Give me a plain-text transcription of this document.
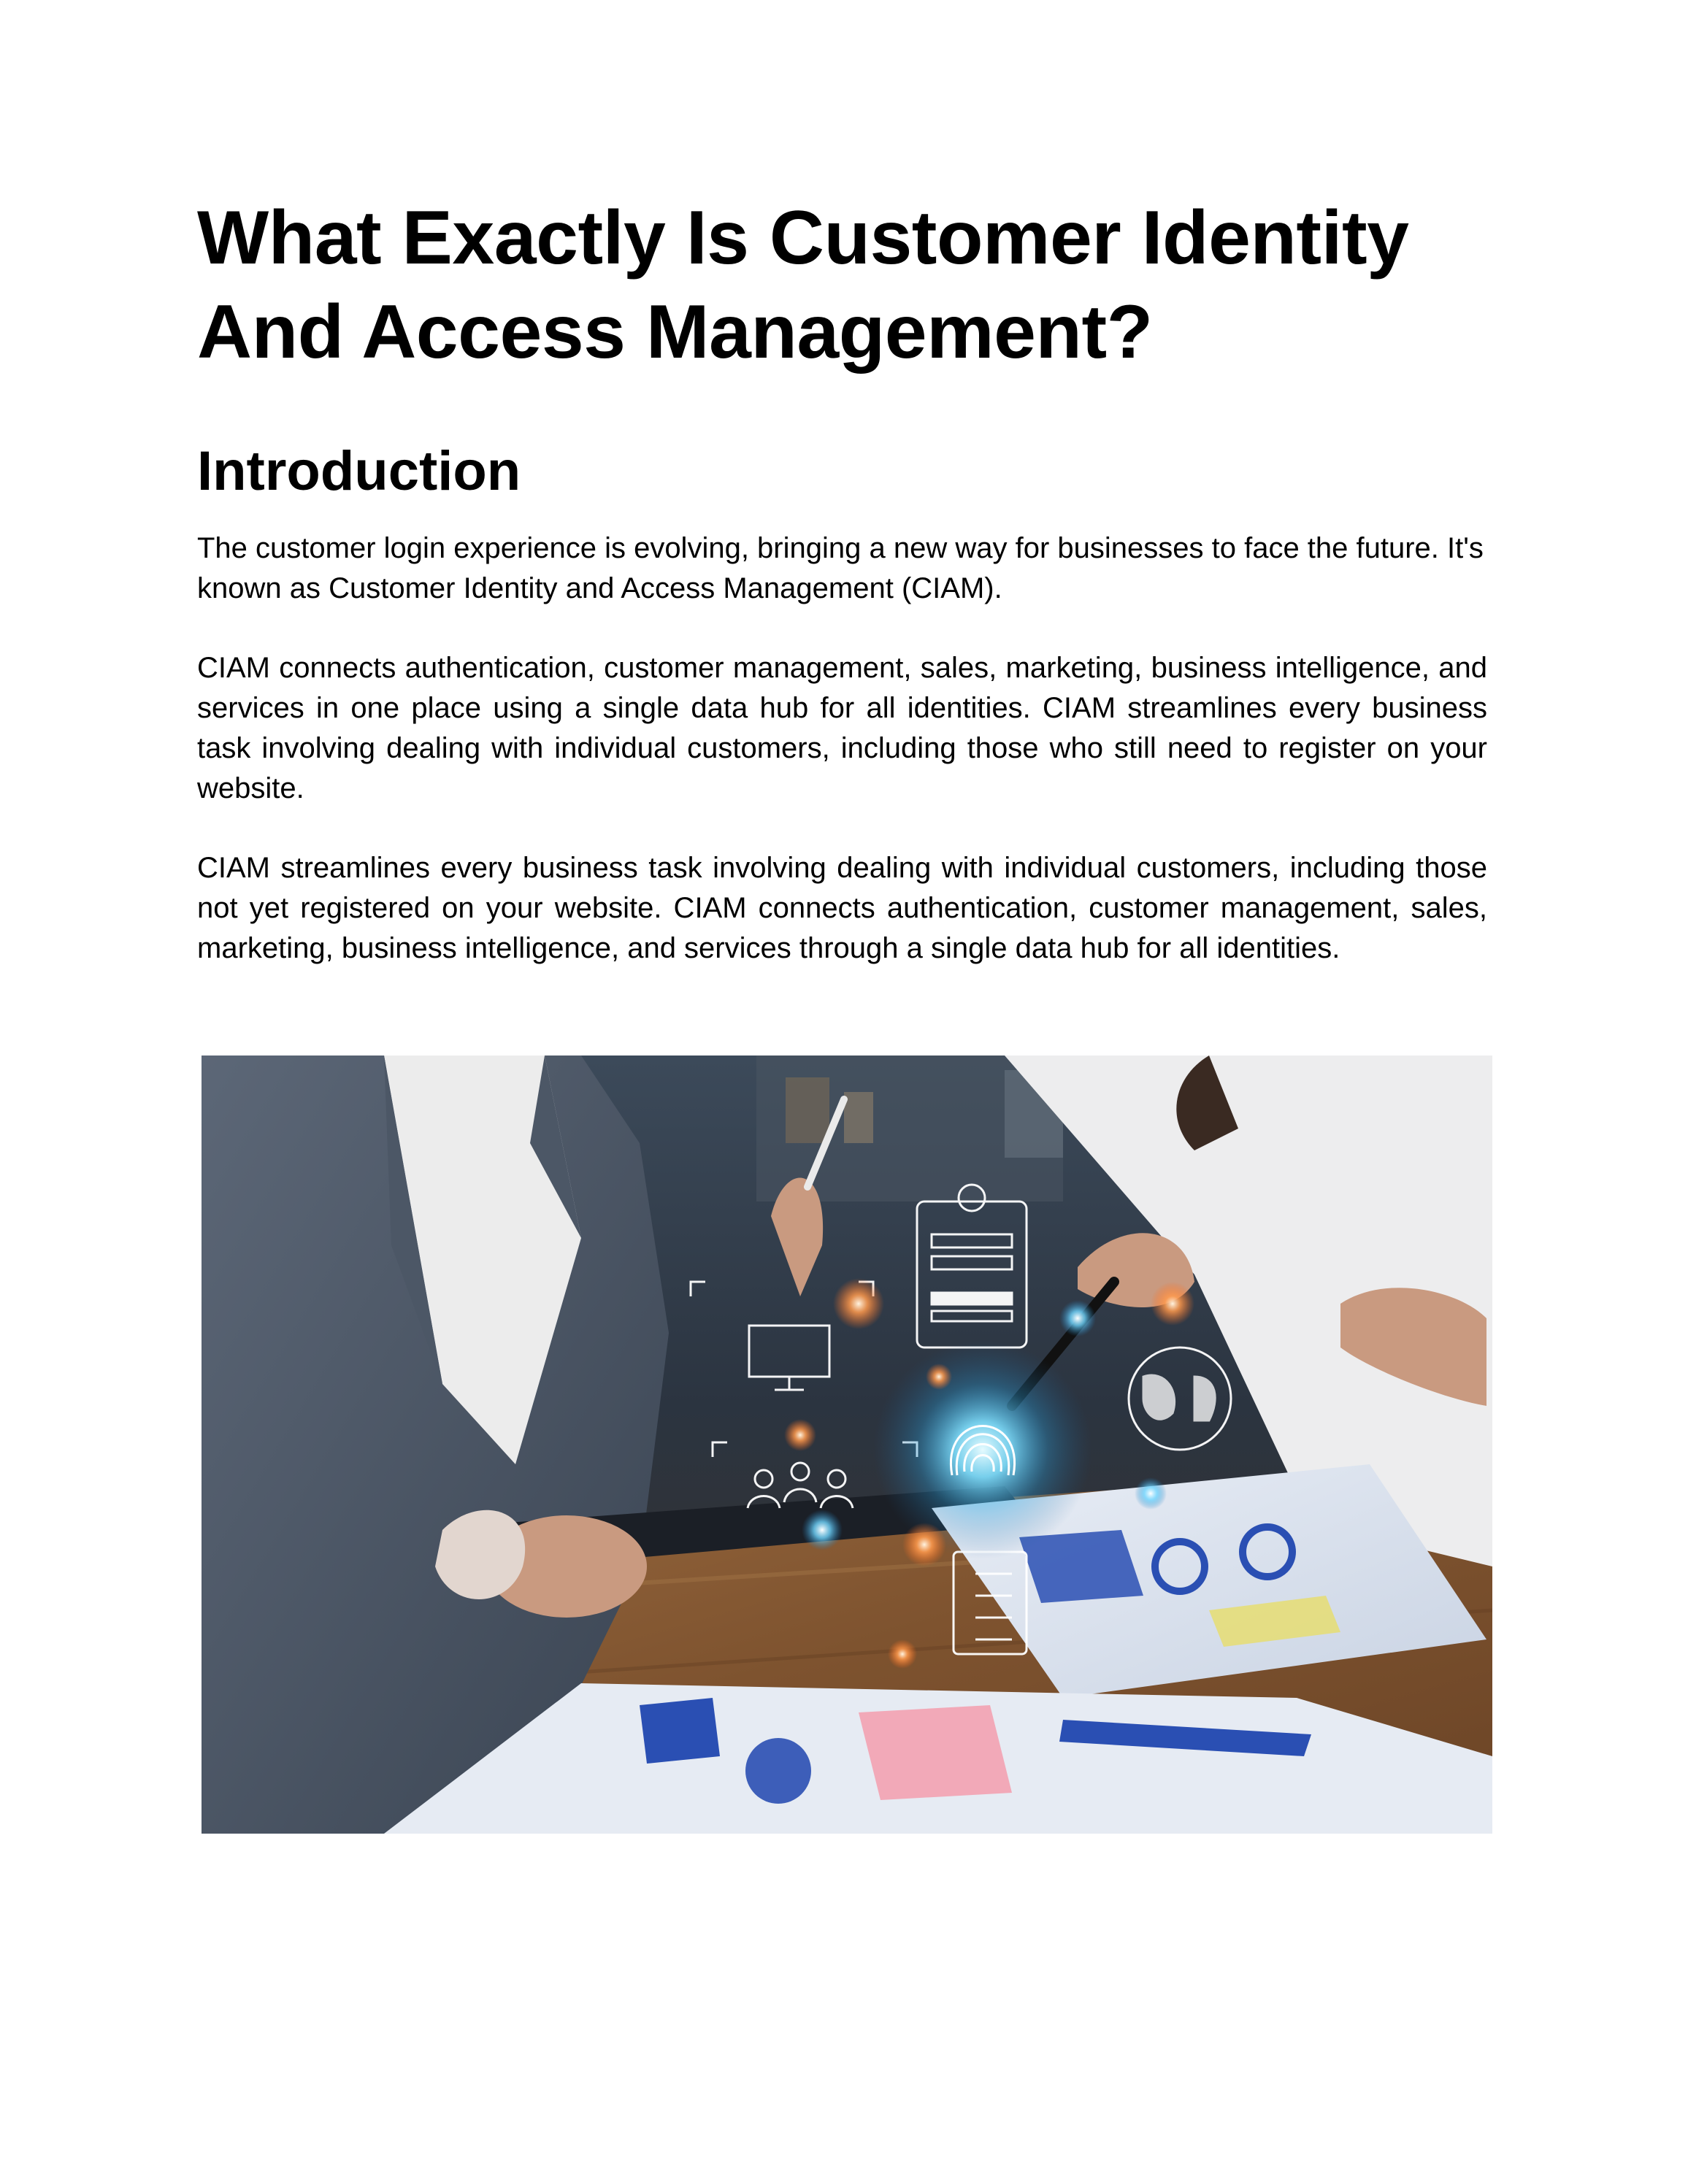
What Exactly Is Customer Identity
And Access Management?
Introduction

The customer login experience is evolving, bringing a new way for businesses to face the future. It's known as Customer Identity and Access Management (CIAM).

CIAM connects authentication, customer management, sales, marketing, business intelligence, and services in one place using a single data hub for all identities. CIAM streamlines every business task involving dealing with individual customers, including those who still need to register on your website.

CIAM streamlines every business task involving dealing with individual customers, including those not yet registered on your website. CIAM connects authentication, customer management, sales, marketing, business intelligence, and services through a single data hub for all identities.
